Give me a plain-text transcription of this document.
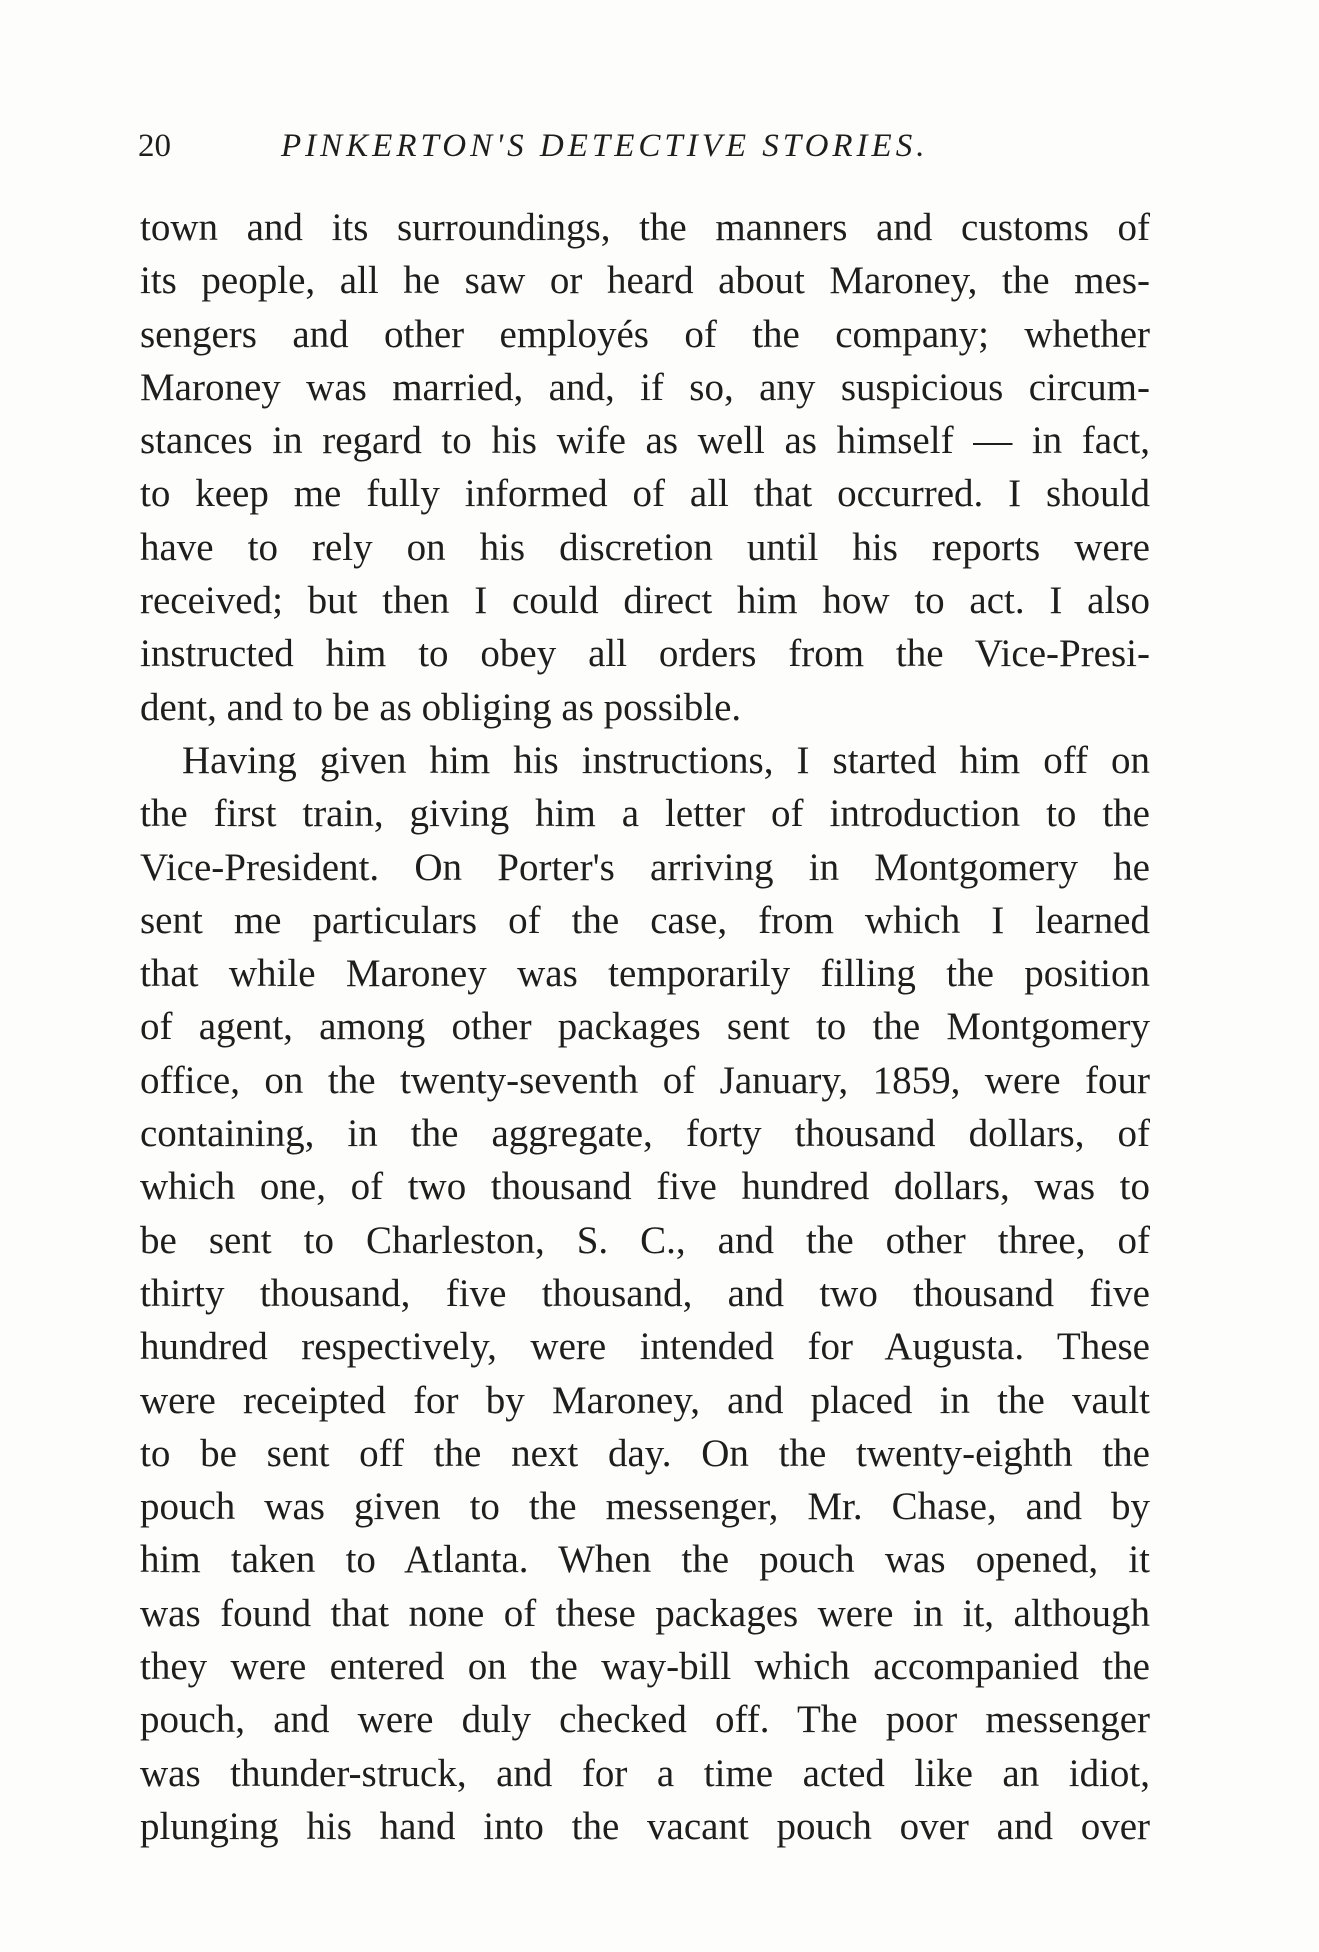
20	PINKERTON'S DETECTIVE STORIES.
town and its surroundings, the manners and customs of
its people, all he saw or heard about Maroney, the mes-
sengers and other employés of the company; whether
Maroney was married, and, if so, any suspicious circum-
stances in regard to his wife as well as himself — in fact,
to keep me fully informed of all that occurred. I should
have to rely on his discretion until his reports were
received; but then I could direct him how to act. I also
instructed him to obey all orders from the Vice-Presi-
dent, and to be as obliging as possible.
Having given him his instructions, I started him off on
the first train, giving him a letter of introduction to the
Vice-President. On Porter's arriving in Montgomery he
sent me particulars of the case, from which I learned
that while Maroney was temporarily filling the position
of agent, among other packages sent to the Montgomery
office, on the twenty-seventh of January, 1859, were four
containing, in the aggregate, forty thousand dollars, of
which one, of two thousand five hundred dollars, was to
be sent to Charleston, S. C., and the other three, of
thirty thousand, five thousand, and two thousand five
hundred respectively, were intended for Augusta. These
were receipted for by Maroney, and placed in the vault
to be sent off the next day. On the twenty-eighth the
pouch was given to the messenger, Mr. Chase, and by
him taken to Atlanta. When the pouch was opened, it
was found that none of these packages were in it, although
they were entered on the way-bill which accompanied the
pouch, and were duly checked off. The poor messenger
was thunder-struck, and for a time acted like an idiot,
plunging his hand into the vacant pouch over and over
